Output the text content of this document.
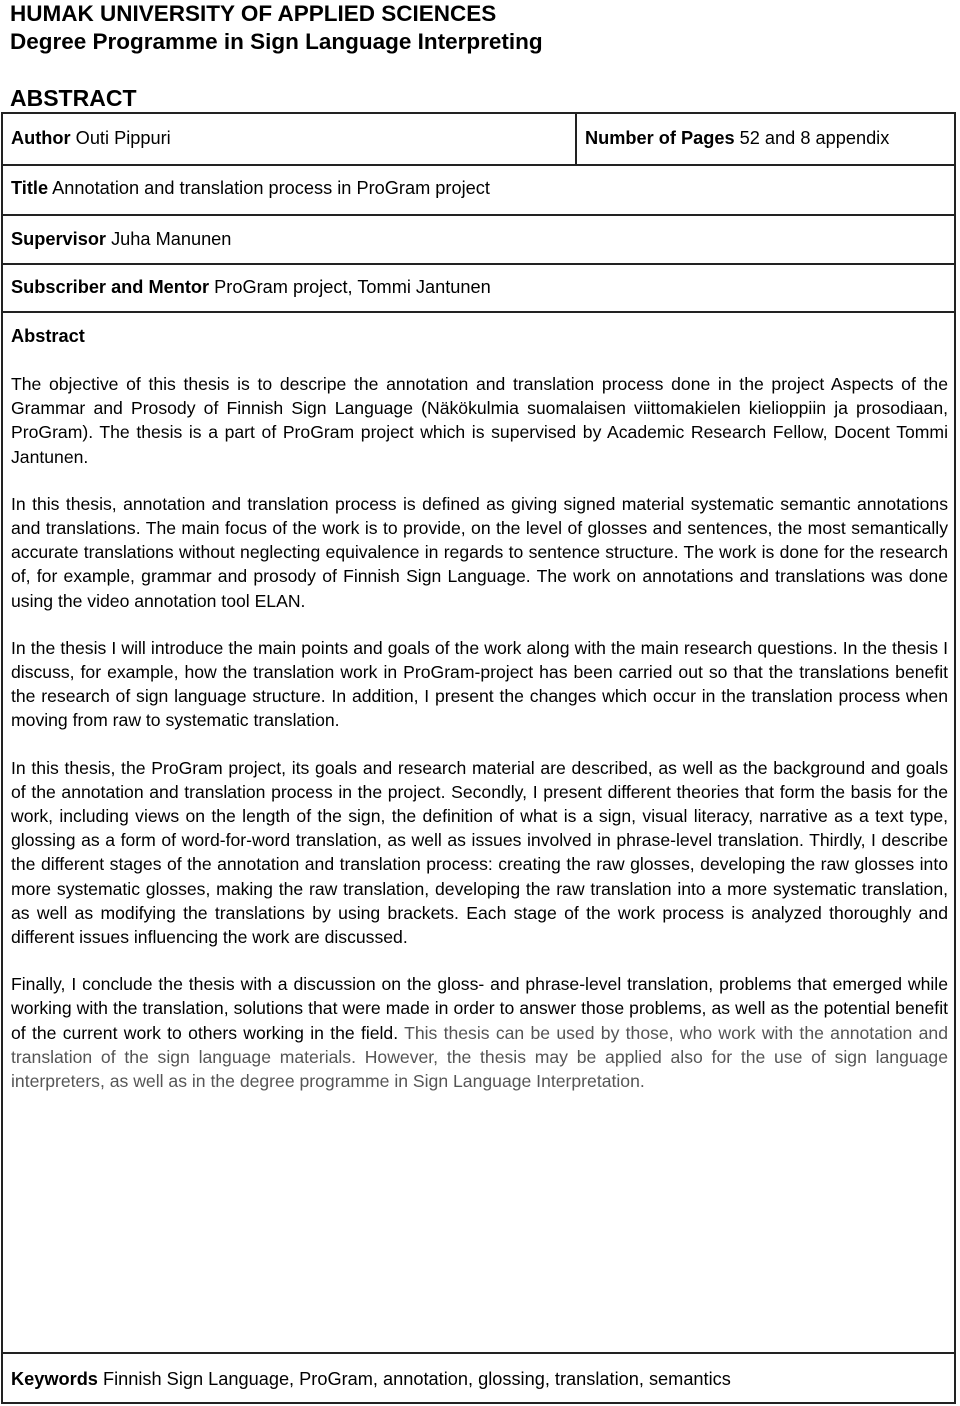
HUMAK UNIVERSITY OF APPLIED SCIENCES
Degree Programme in Sign Language Interpreting
ABSTRACT
Author Outi Pippuri	Number of Pages 52 and 8 appendix
Title Annotation and translation process in ProGram project
Supervisor Juha Manunen
Subscriber and Mentor ProGram project, Tommi Jantunen
Abstract

The objective of this thesis is to descripe the annotation and translation process done in the project Aspects of the Grammar and Prosody of Finnish Sign Language (Näkökulmia suomalaisen viittomakielen kielioppiin ja prosodiaan, ProGram). The thesis is a part of ProGram project which is supervised by Academic Research Fellow, Docent Tommi Jantunen.

In this thesis, annotation and translation process is defined as giving signed material systematic semantic annotations and translations. The main focus of the work is to provide, on the level of glosses and sentences, the most semantically accurate translations without neglecting equivalence in regards to sentence structure. The work is done for the research of, for example, grammar and prosody of Finnish Sign Language. The work on annotations and translations was done using the video annotation tool ELAN.

In the thesis I will introduce the main points and goals of the work along with the main research questions. In the thesis I discuss, for example, how the translation work in ProGram-project has been carried out so that the translations benefit the research of sign language structure. In addition, I present the changes which occur in the translation process when moving from raw to systematic translation.

In this thesis, the ProGram project, its goals and research material are described, as well as the background and goals of the annotation and translation process in the project. Secondly, I present different theories that form the basis for the work, including views on the length of the sign, the definition of what is a sign, visual literacy, narrative as a text type, glossing as a form of word-for-word translation, as well as issues involved in phrase-level translation. Thirdly, I describe the different stages of the annotation and translation process: creating the raw glosses, developing the raw glosses into more systematic glosses, making the raw translation, developing the raw translation into a more systematic translation, as well as modifying the translations by using brackets. Each stage of the work process is analyzed thoroughly and different issues influencing the work are discussed.

Finally, I conclude the thesis with a discussion on the gloss- and phrase-level translation, problems that emerged while working with the translation, solutions that were made in order to answer those problems, as well as the potential benefit of the current work to others working in the field. This thesis can be used by those, who work with the annotation and translation of the sign language materials. However, the thesis may be applied also for the use of sign language interpreters, as well as in the degree programme in Sign Language Interpretation.

Keywords Finnish Sign Language, ProGram, annotation, glossing, translation, semantics
